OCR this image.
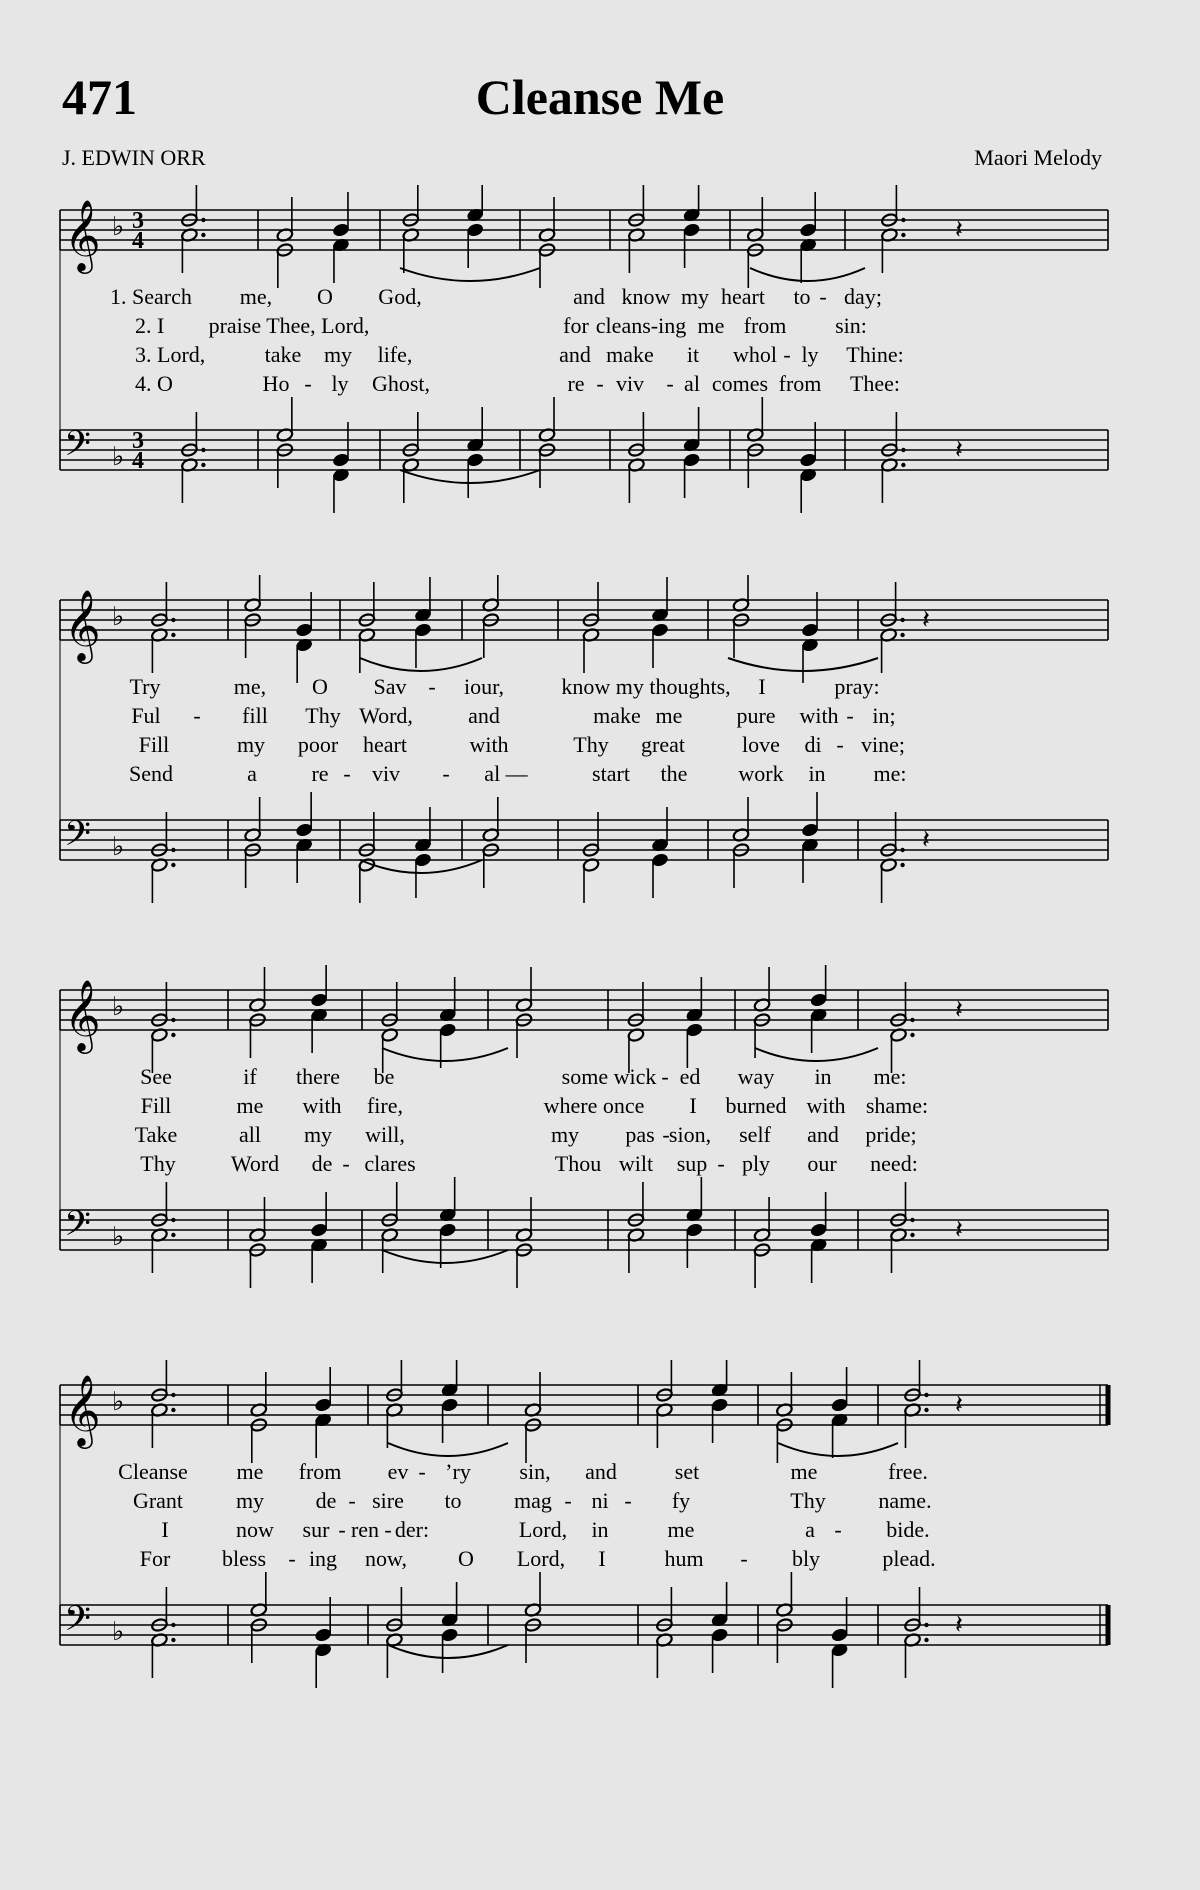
471	Cleanse Me
J. EDWIN ORR	Maori Melody
𝄞 ♭ 3
4
𝄢 ♭
3
4
𝄽
𝄽
1. Search me, O God,	and know my heart to - day;
2. I praise Thee, Lord,	for cleans-ing me from sin:
3. Lord,	take my life,	and make it whol - ly Thine:
4. O	Ho - ly Ghost,	re - viv - al comes from Thee:
𝄞 ♭
𝄢 ♭
𝄽
𝄽
Try	me, O Sav - iour,	know my thoughts, I	pray:
Ful - fill Thy Word,	and	make me pure with - in;
Fill	my poor heart	with	Thy great	love di - vine;
Send	a re - viv - al —	start the work in me:
𝄞 ♭
𝄢 ♭
𝄽
𝄽
See	if there be	some wick - ed way in me:
Fill	me with fire,	where once I burned with shame:
Take	all my will,	my pas - sion, self and pride;
Thy	Word de - clares	Thou wilt sup - ply our need:
𝄞 ♭
𝄢 ♭
𝄽
𝄽
Cleanse me from ev - ’ry sin, and	set	me	free.
Grant my de - sire to mag - ni - fy	Thy name.
I	now sur - ren - der:	Lord, in	me	a - bide.
For bless - ing now, O Lord, I	hum - bly	plead.
